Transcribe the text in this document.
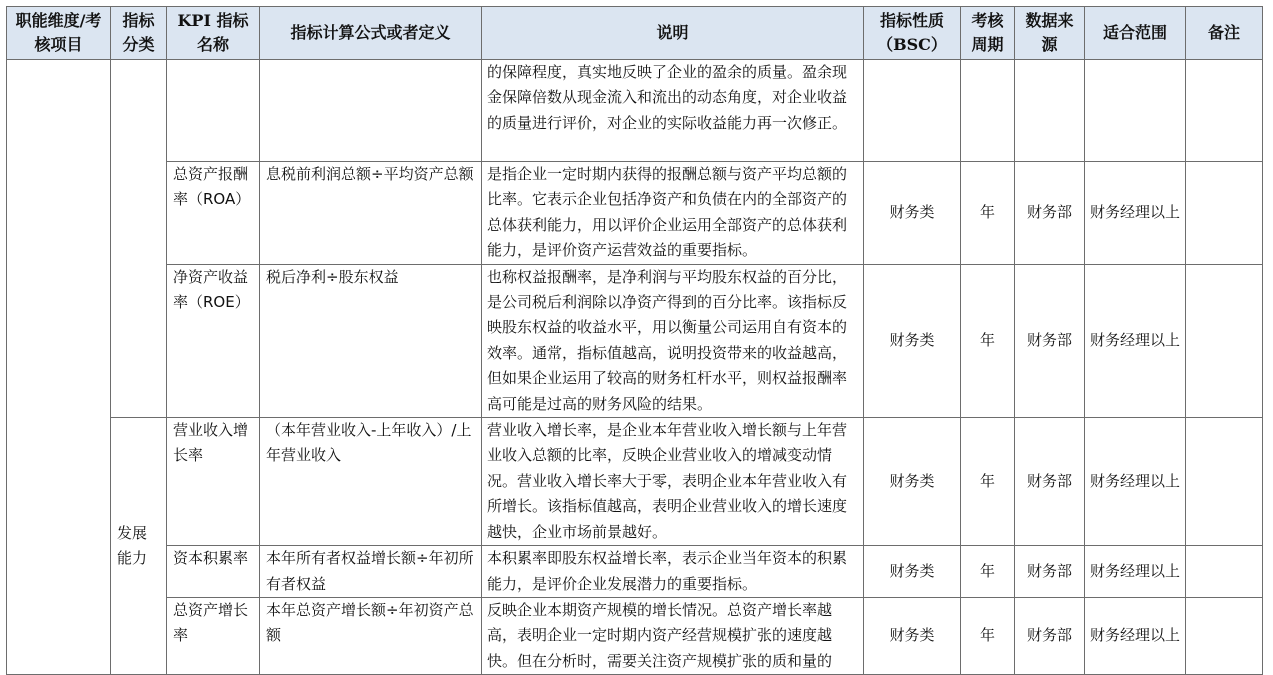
职能维度/考核项目	指标分类	KPI 指标名称	指标计算公式或者定义	说明	指标性质（BSC）	考核周期	数据来源	适合范围	备注
				的保障程度，真实地反映了企业的盈余的质量。盈余现金保障倍数从现金流入和流出的动态角度，对企业收益的质量进行评价，对企业的实际收益能力再一次修正。					
		总资产报酬率（ROA）	息税前利润总额÷平均资产总额	是指企业一定时期内获得的报酬总额与资产平均总额的比率。它表示企业包括净资产和负债在内的全部资产的总体获利能力，用以评价企业运用全部资产的总体获利能力，是评价资产运营效益的重要指标。	财务类	年	财务部	财务经理以上	
		净资产收益率（ROE）	税后净利÷股东权益	也称权益报酬率，是净利润与平均股东权益的百分比，是公司税后利润除以净资产得到的百分比率。该指标反映股东权益的收益水平，用以衡量公司运用自有资本的效率。通常，指标值越高，说明投资带来的收益越高，但如果企业运用了较高的财务杠杆水平，则权益报酬率高可能是过高的财务风险的结果。	财务类	年	财务部	财务经理以上	
	发展能力	营业收入增长率	（本年营业收入-上年收入）/上年营业收入	营业收入增长率，是企业本年营业收入增长额与上年营业收入总额的比率，反映企业营业收入的增减变动情况。营业收入增长率大于零，表明企业本年营业收入有所增长。该指标值越高，表明企业营业收入的增长速度越快，企业市场前景越好。	财务类	年	财务部	财务经理以上	
		资本积累率	本年所有者权益增长额÷年初所有者权益	本积累率即股东权益增长率，表示企业当年资本的积累能力，是评价企业发展潜力的重要指标。	财务类	年	财务部	财务经理以上	
		总资产增长率	本年总资产增长额÷年初资产总额	反映企业本期资产规模的增长情况。总资产增长率越高，表明企业一定时期内资产经营规模扩张的速度越快。但在分析时，需要关注资产规模扩张的质和量的	财务类	年	财务部	财务经理以上	
